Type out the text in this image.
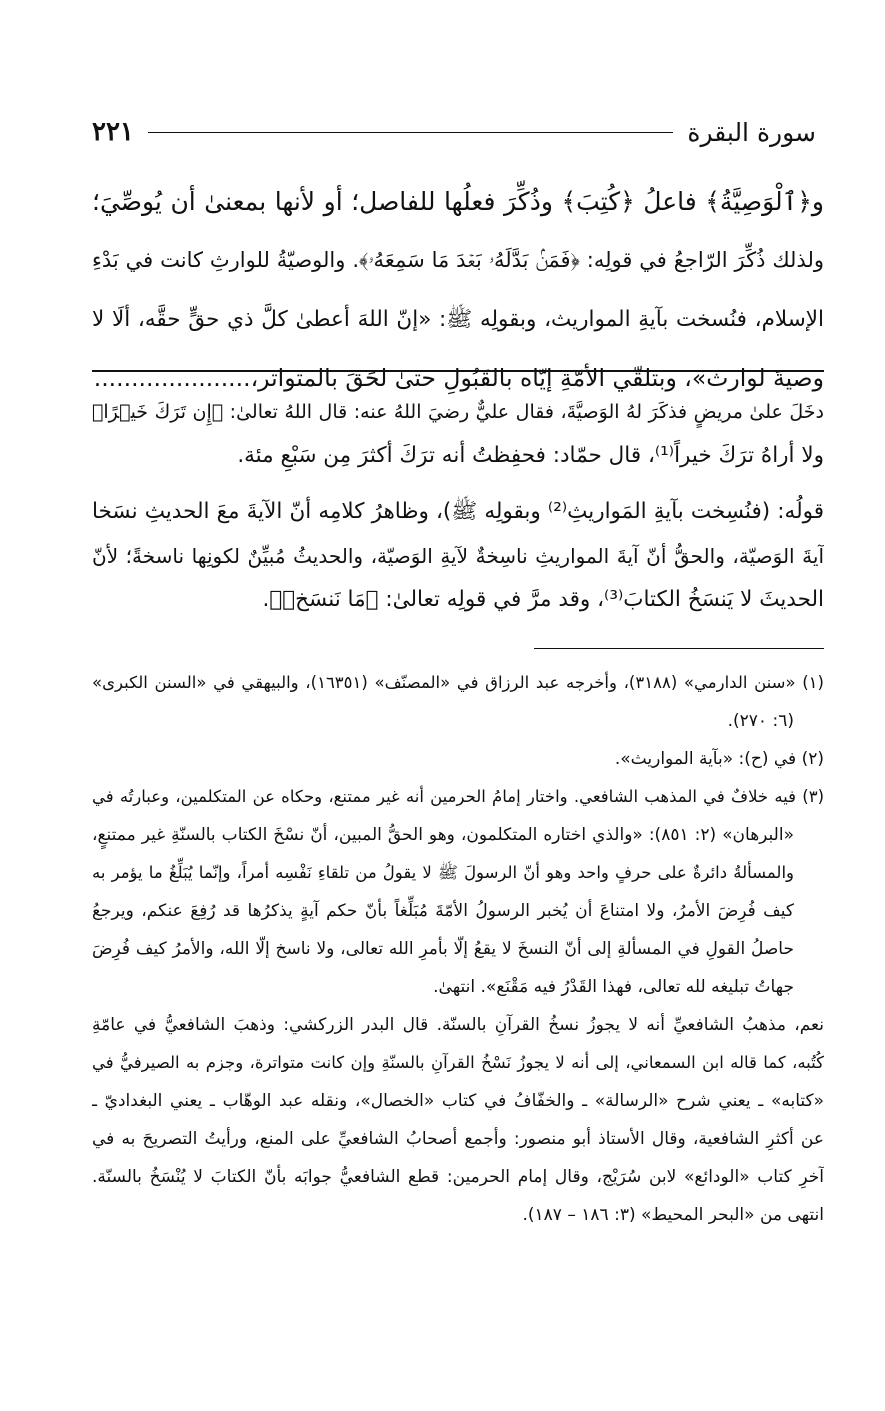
٢٢١	سورة البقرة
و﴿ٱلْوَصِيَّةُ﴾ فاعلُ ﴿كُتِبَ﴾ وذُكِّرَ فعلُها للفاصل؛ أو لأنها بمعنىٰ أن يُوصِّيَ؛
ولذلك ذُكِّرَ الرّاجعُ في قولِه: ﴿فَمَنۢ بَدَّلَهُۥ بَعۡدَ مَا سَمِعَهُۥ﴾. والوصيّةُ للوارثِ كانت في بَدْءِ
الإسلام، فنُسخت بآيةِ المواريث، وبقولِه ﷺ: «إنّ اللهَ أعطىٰ كلَّ ذي حقٍّ حقَّه، ألَا لا
وصيةَ لوارث»، وبتلقّي الأمّةِ إيّاه بالقَبُولِ حتىٰ لحَقَ بالمتواتر،.....................
دخَلَ علىٰ مريضٍ فذكَرَ لهُ الوَصيَّةَ، فقال عليٌّ رضيَ اللهُ عنه: قال اللهُ تعالىٰ: ﴿إِن تَرَكَ خَيۡرًا﴾
ولا أراهُ ترَكَ خيراً⁽¹⁾، قال حمّاد: فحفِظتُ أنه ترَكَ أكثرَ مِن سَبْعِ مئة.
قولُه: (فنُسِخت بآيةِ المَواريثِ⁽²⁾ وبقولِه ﷺ)، وظاهرُ كلامِه أنّ الآيةَ معَ الحديثِ نسَخا
آيةَ الوَصيّة، والحقُّ أنّ آيةَ المواريثِ ناسِخةٌ لآيةِ الوَصيّة، والحديثُ مُبيِّنٌ لكونِها ناسخةً؛ لأنّ
الحديثَ لا يَنسَخُ الكتابَ⁽³⁾، وقد مرَّ في قولِه تعالىٰ: ﴿مَا نَنسَخۡ﴾.
(١) «سنن الدارمي» (٣١٨٨)، وأخرجه عبد الرزاق في «المصنّف» (١٦٣٥١)، والبيهقي في «السنن الكبرى»
(٦: ٢٧٠).
(٢) في (ح): «بآية المواريث».
(٣) فيه خلافٌ في المذهب الشافعي. واختار إمامُ الحرمين أنه غير ممتنع، وحكاه عن المتكلمين، وعبارتُه في
«البرهان» (٢: ٨٥١): «والذي اختاره المتكلمون، وهو الحقُّ المبين، أنّ نسْخَ الكتاب بالسنّةِ غير ممتنعٍ،
والمسألةُ دائرةٌ على حرفٍ واحد وهو أنّ الرسولَ ﷺ لا يقولُ من تلقاءِ نَفْسِه أمراً، وإنّما يُبَلِّغُ ما يؤمر به
كيف فُرِضَ الأمرُ، ولا امتناعَ أن يُخبر الرسولُ الأمّةَ مُبَلِّغاً بأنّ حكم آيةٍ يذكرُها قد رُفِعَ عنكم، ويرجعُ
حاصلُ القولِ في المسألةِ إلى أنّ النسخَ لا يقعُ إلّا بأمرِ الله تعالى، ولا ناسخ إلّا الله، والأمرُ كيف فُرِضَ
جهاتُ تبليغه لله تعالى، فهذا القَدْرُ فيه مَقْنَع». انتهىٰ.
نعم، مذهبُ الشافعيِّ أنه لا يجوزُ نسخُ القرآنِ بالسنّة. قال البدر الزركشي: وذهبَ الشافعيُّ في عامّةِ
كُتُبه، كما قاله ابن السمعاني، إلى أنه لا يجوزُ نَسْخُ القرآنِ بالسنّةِ وإن كانت متواترة، وجزم به الصيرفيُّ في
«كتابه» ـ يعني شرح «الرسالة» ـ والخفّافُ في كتاب «الخصال»، ونقله عبد الوهّاب ـ يعني البغداديّ ـ
عن أكثرِ الشافعية، وقال الأستاذ أبو منصور: وأجمع أصحابُ الشافعيِّ على المنع، ورأيتُ التصريحَ به في
آخرِ كتاب «الودائع» لابن سُرَيْج، وقال إمام الحرمين: قطع الشافعيُّ جوابَه بأنّ الكتابَ لا يُنْسَخُ بالسنّة.
انتهى من «البحر المحيط» (٣: ١٨٦ – ١٨٧).
